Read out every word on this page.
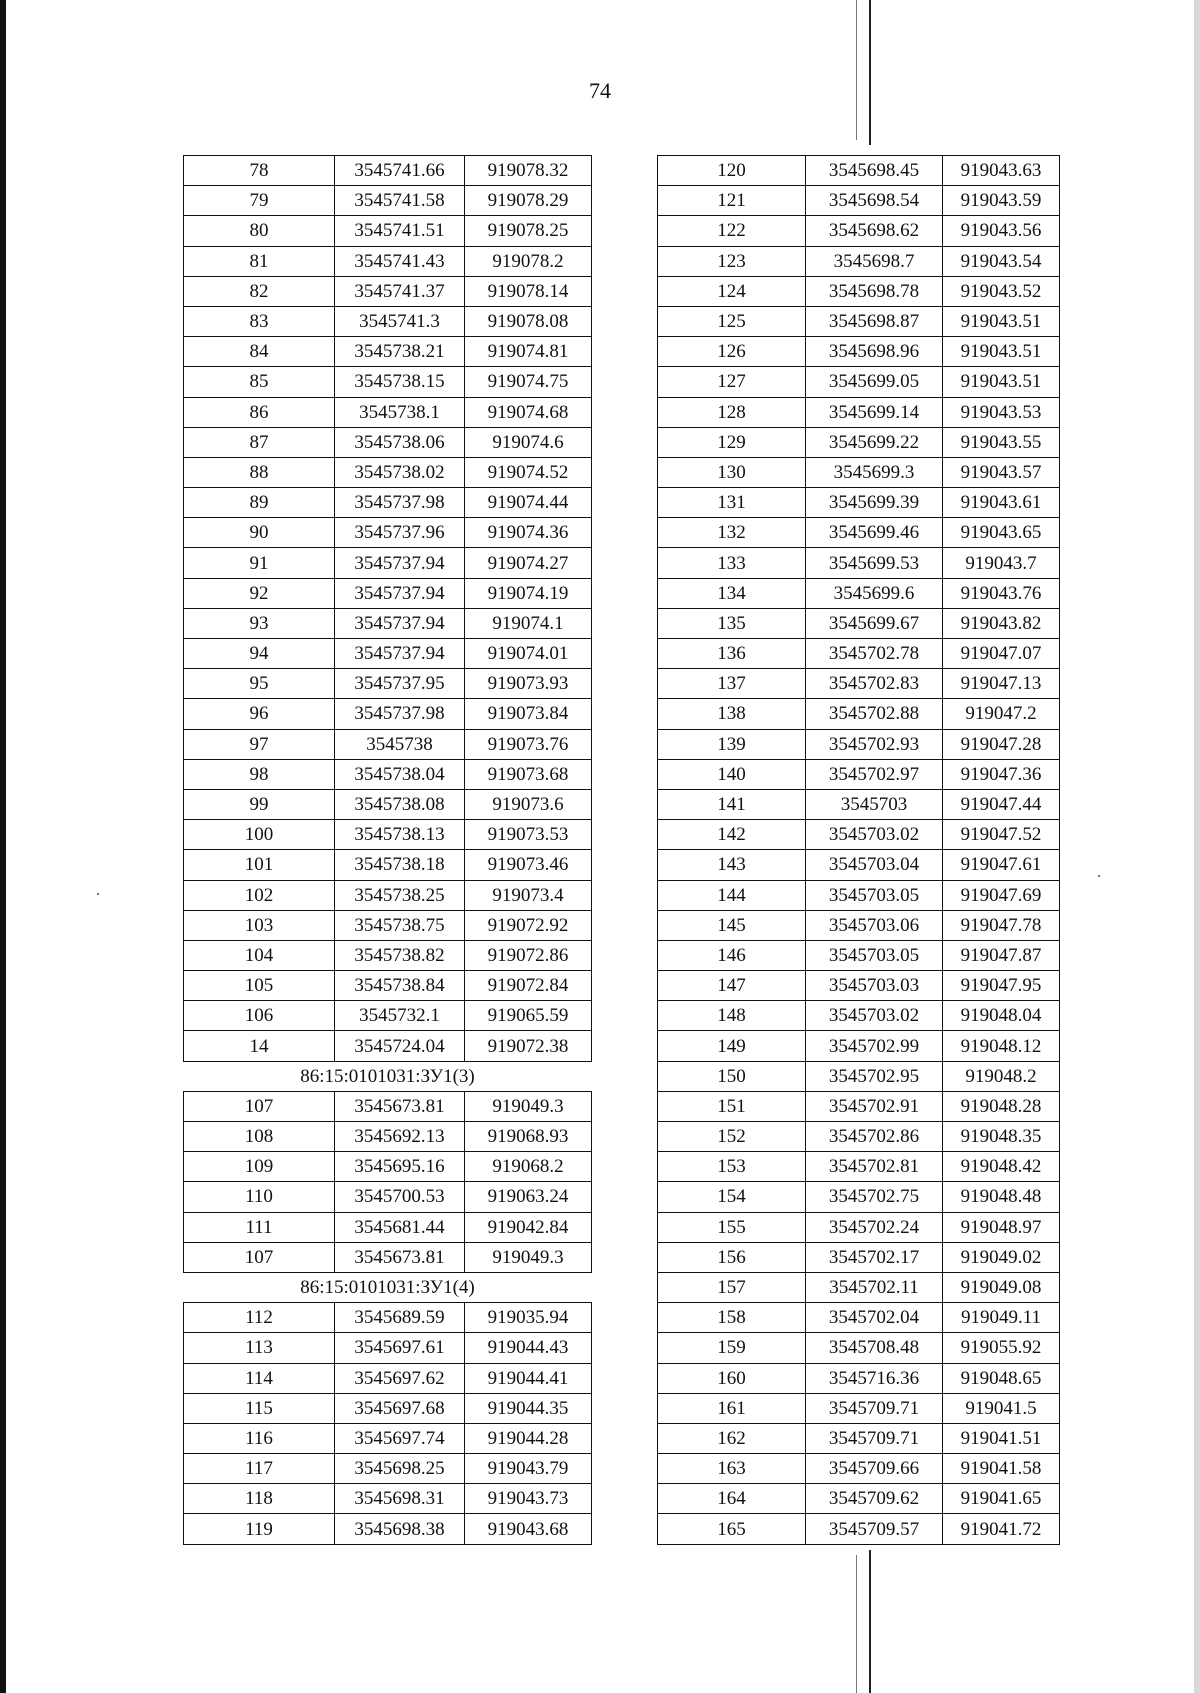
74
78	3545741.66	919078.32
79	3545741.58	919078.29
80	3545741.51	919078.25
81	3545741.43	919078.2
82	3545741.37	919078.14
83	3545741.3	919078.08
84	3545738.21	919074.81
85	3545738.15	919074.75
86	3545738.1	919074.68
87	3545738.06	919074.6
88	3545738.02	919074.52
89	3545737.98	919074.44
90	3545737.96	919074.36
91	3545737.94	919074.27
92	3545737.94	919074.19
93	3545737.94	919074.1
94	3545737.94	919074.01
95	3545737.95	919073.93
96	3545737.98	919073.84
97	3545738	919073.76
98	3545738.04	919073.68
99	3545738.08	919073.6
100	3545738.13	919073.53
101	3545738.18	919073.46
102	3545738.25	919073.4
103	3545738.75	919072.92
104	3545738.82	919072.86
105	3545738.84	919072.84
106	3545732.1	919065.59
14	3545724.04	919072.38
86:15:0101031:ЗУ1(3)		
107	3545673.81	919049.3
108	3545692.13	919068.93
109	3545695.16	919068.2
110	3545700.53	919063.24
111	3545681.44	919042.84
107	3545673.81	919049.3
86:15:0101031:ЗУ1(4)		
112	3545689.59	919035.94
113	3545697.61	919044.43
114	3545697.62	919044.41
115	3545697.68	919044.35
116	3545697.74	919044.28
117	3545698.25	919043.79
118	3545698.31	919043.73
119	3545698.38	919043.68
120	3545698.45	919043.63
121	3545698.54	919043.59
122	3545698.62	919043.56
123	3545698.7	919043.54
124	3545698.78	919043.52
125	3545698.87	919043.51
126	3545698.96	919043.51
127	3545699.05	919043.51
128	3545699.14	919043.53
129	3545699.22	919043.55
130	3545699.3	919043.57
131	3545699.39	919043.61
132	3545699.46	919043.65
133	3545699.53	919043.7
134	3545699.6	919043.76
135	3545699.67	919043.82
136	3545702.78	919047.07
137	3545702.83	919047.13
138	3545702.88	919047.2
139	3545702.93	919047.28
140	3545702.97	919047.36
141	3545703	919047.44
142	3545703.02	919047.52
143	3545703.04	919047.61
144	3545703.05	919047.69
145	3545703.06	919047.78
146	3545703.05	919047.87
147	3545703.03	919047.95
148	3545703.02	919048.04
149	3545702.99	919048.12
150	3545702.95	919048.2
151	3545702.91	919048.28
152	3545702.86	919048.35
153	3545702.81	919048.42
154	3545702.75	919048.48
155	3545702.24	919048.97
156	3545702.17	919049.02
157	3545702.11	919049.08
158	3545702.04	919049.11
159	3545708.48	919055.92
160	3545716.36	919048.65
161	3545709.71	919041.5
162	3545709.71	919041.51
163	3545709.66	919041.58
164	3545709.62	919041.65
165	3545709.57	919041.72
